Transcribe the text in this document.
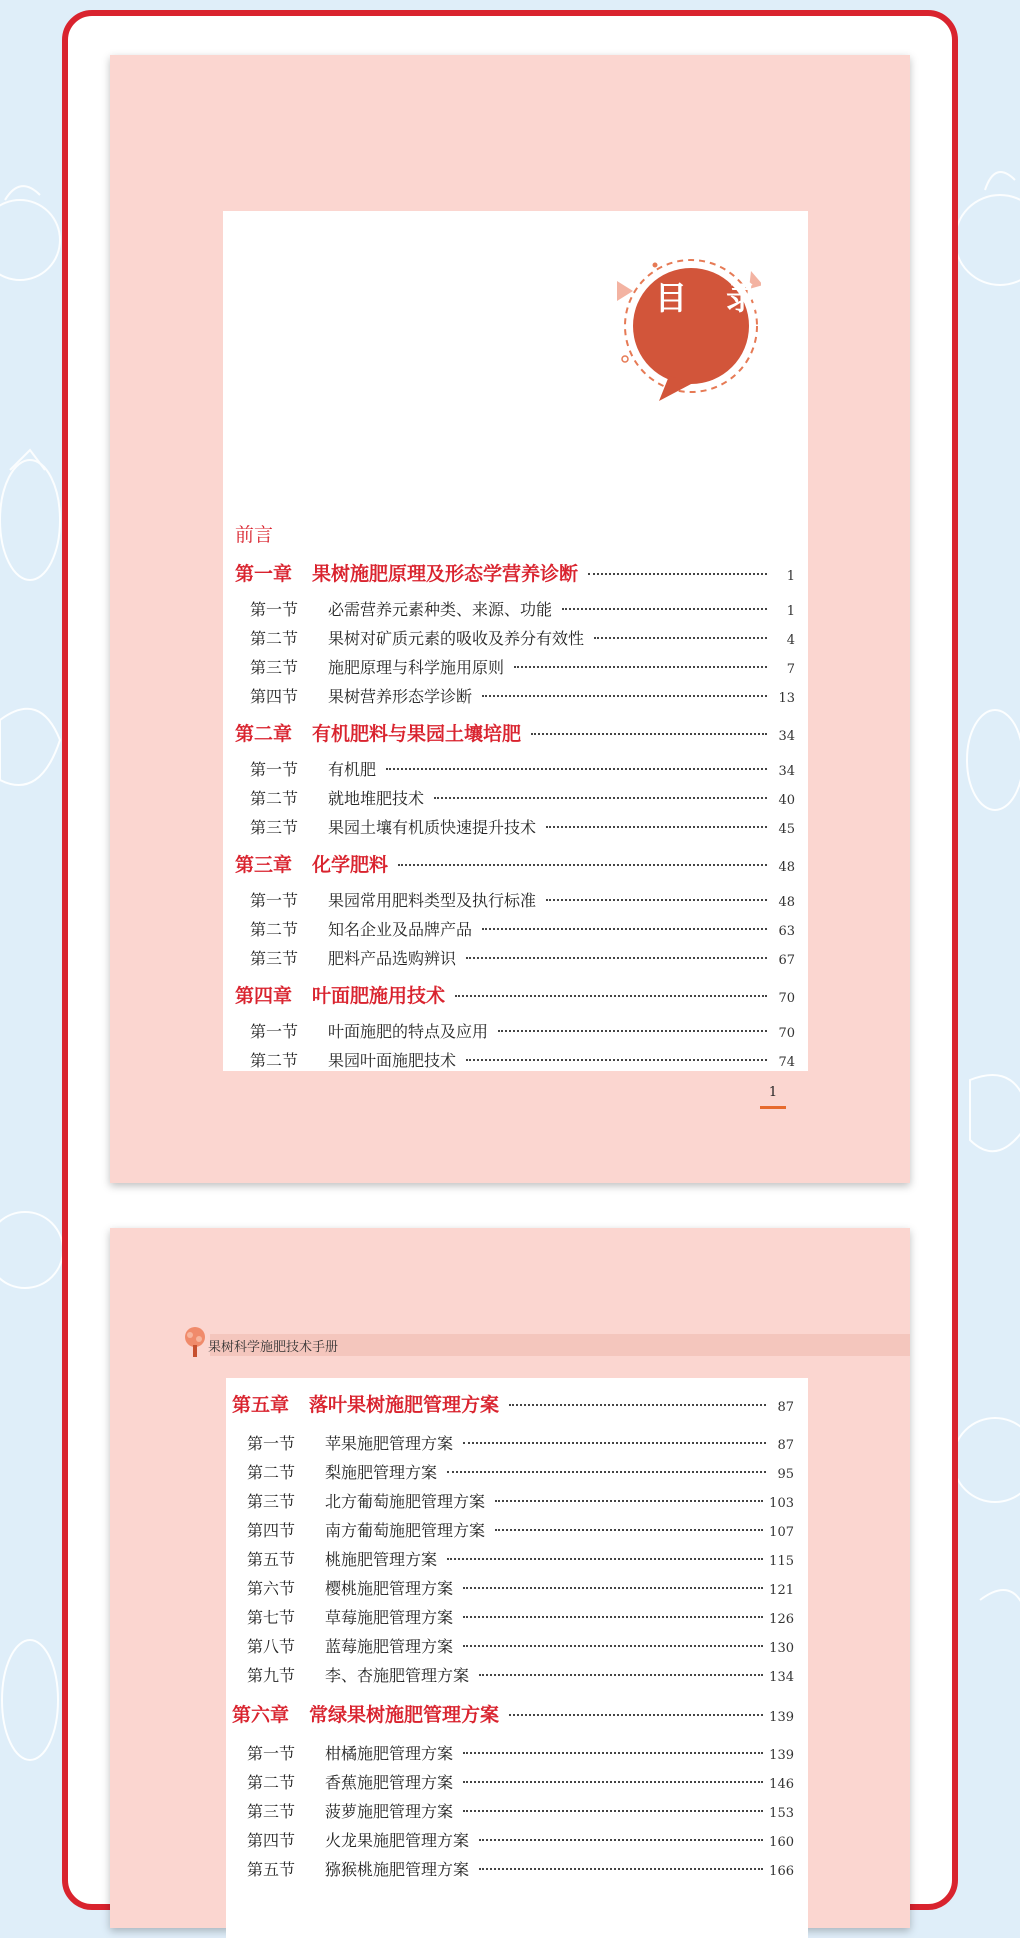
目 录
前言
第一章 果树施肥原理及形态学营养诊断	1
第一节	必需营养元素种类、来源、功能	1
第二节	果树对矿质元素的吸收及养分有效性	4
第三节	施肥原理与科学施用原则	7
第四节	果树营养形态学诊断	13
第二章 有机肥料与果园土壤培肥	34
第一节	有机肥	34
第二节	就地堆肥技术	40
第三节	果园土壤有机质快速提升技术	45
第三章 化学肥料	48
第一节	果园常用肥料类型及执行标准	48
第二节	知名企业及品牌产品	63
第三节	肥料产品选购辨识	67
第四章 叶面肥施用技术	70
第一节	叶面施肥的特点及应用	70
第二节	果园叶面施肥技术	74
1
果树科学施肥技术手册
第五章 落叶果树施肥管理方案	87
第一节	苹果施肥管理方案	87
第二节	梨施肥管理方案	95
第三节	北方葡萄施肥管理方案	103
第四节	南方葡萄施肥管理方案	107
第五节	桃施肥管理方案	115
第六节	樱桃施肥管理方案	121
第七节	草莓施肥管理方案	126
第八节	蓝莓施肥管理方案	130
第九节	李、杏施肥管理方案	134
第六章 常绿果树施肥管理方案	139
第一节	柑橘施肥管理方案	139
第二节	香蕉施肥管理方案	146
第三节	菠萝施肥管理方案	153
第四节	火龙果施肥管理方案	160
第五节	猕猴桃施肥管理方案	166
